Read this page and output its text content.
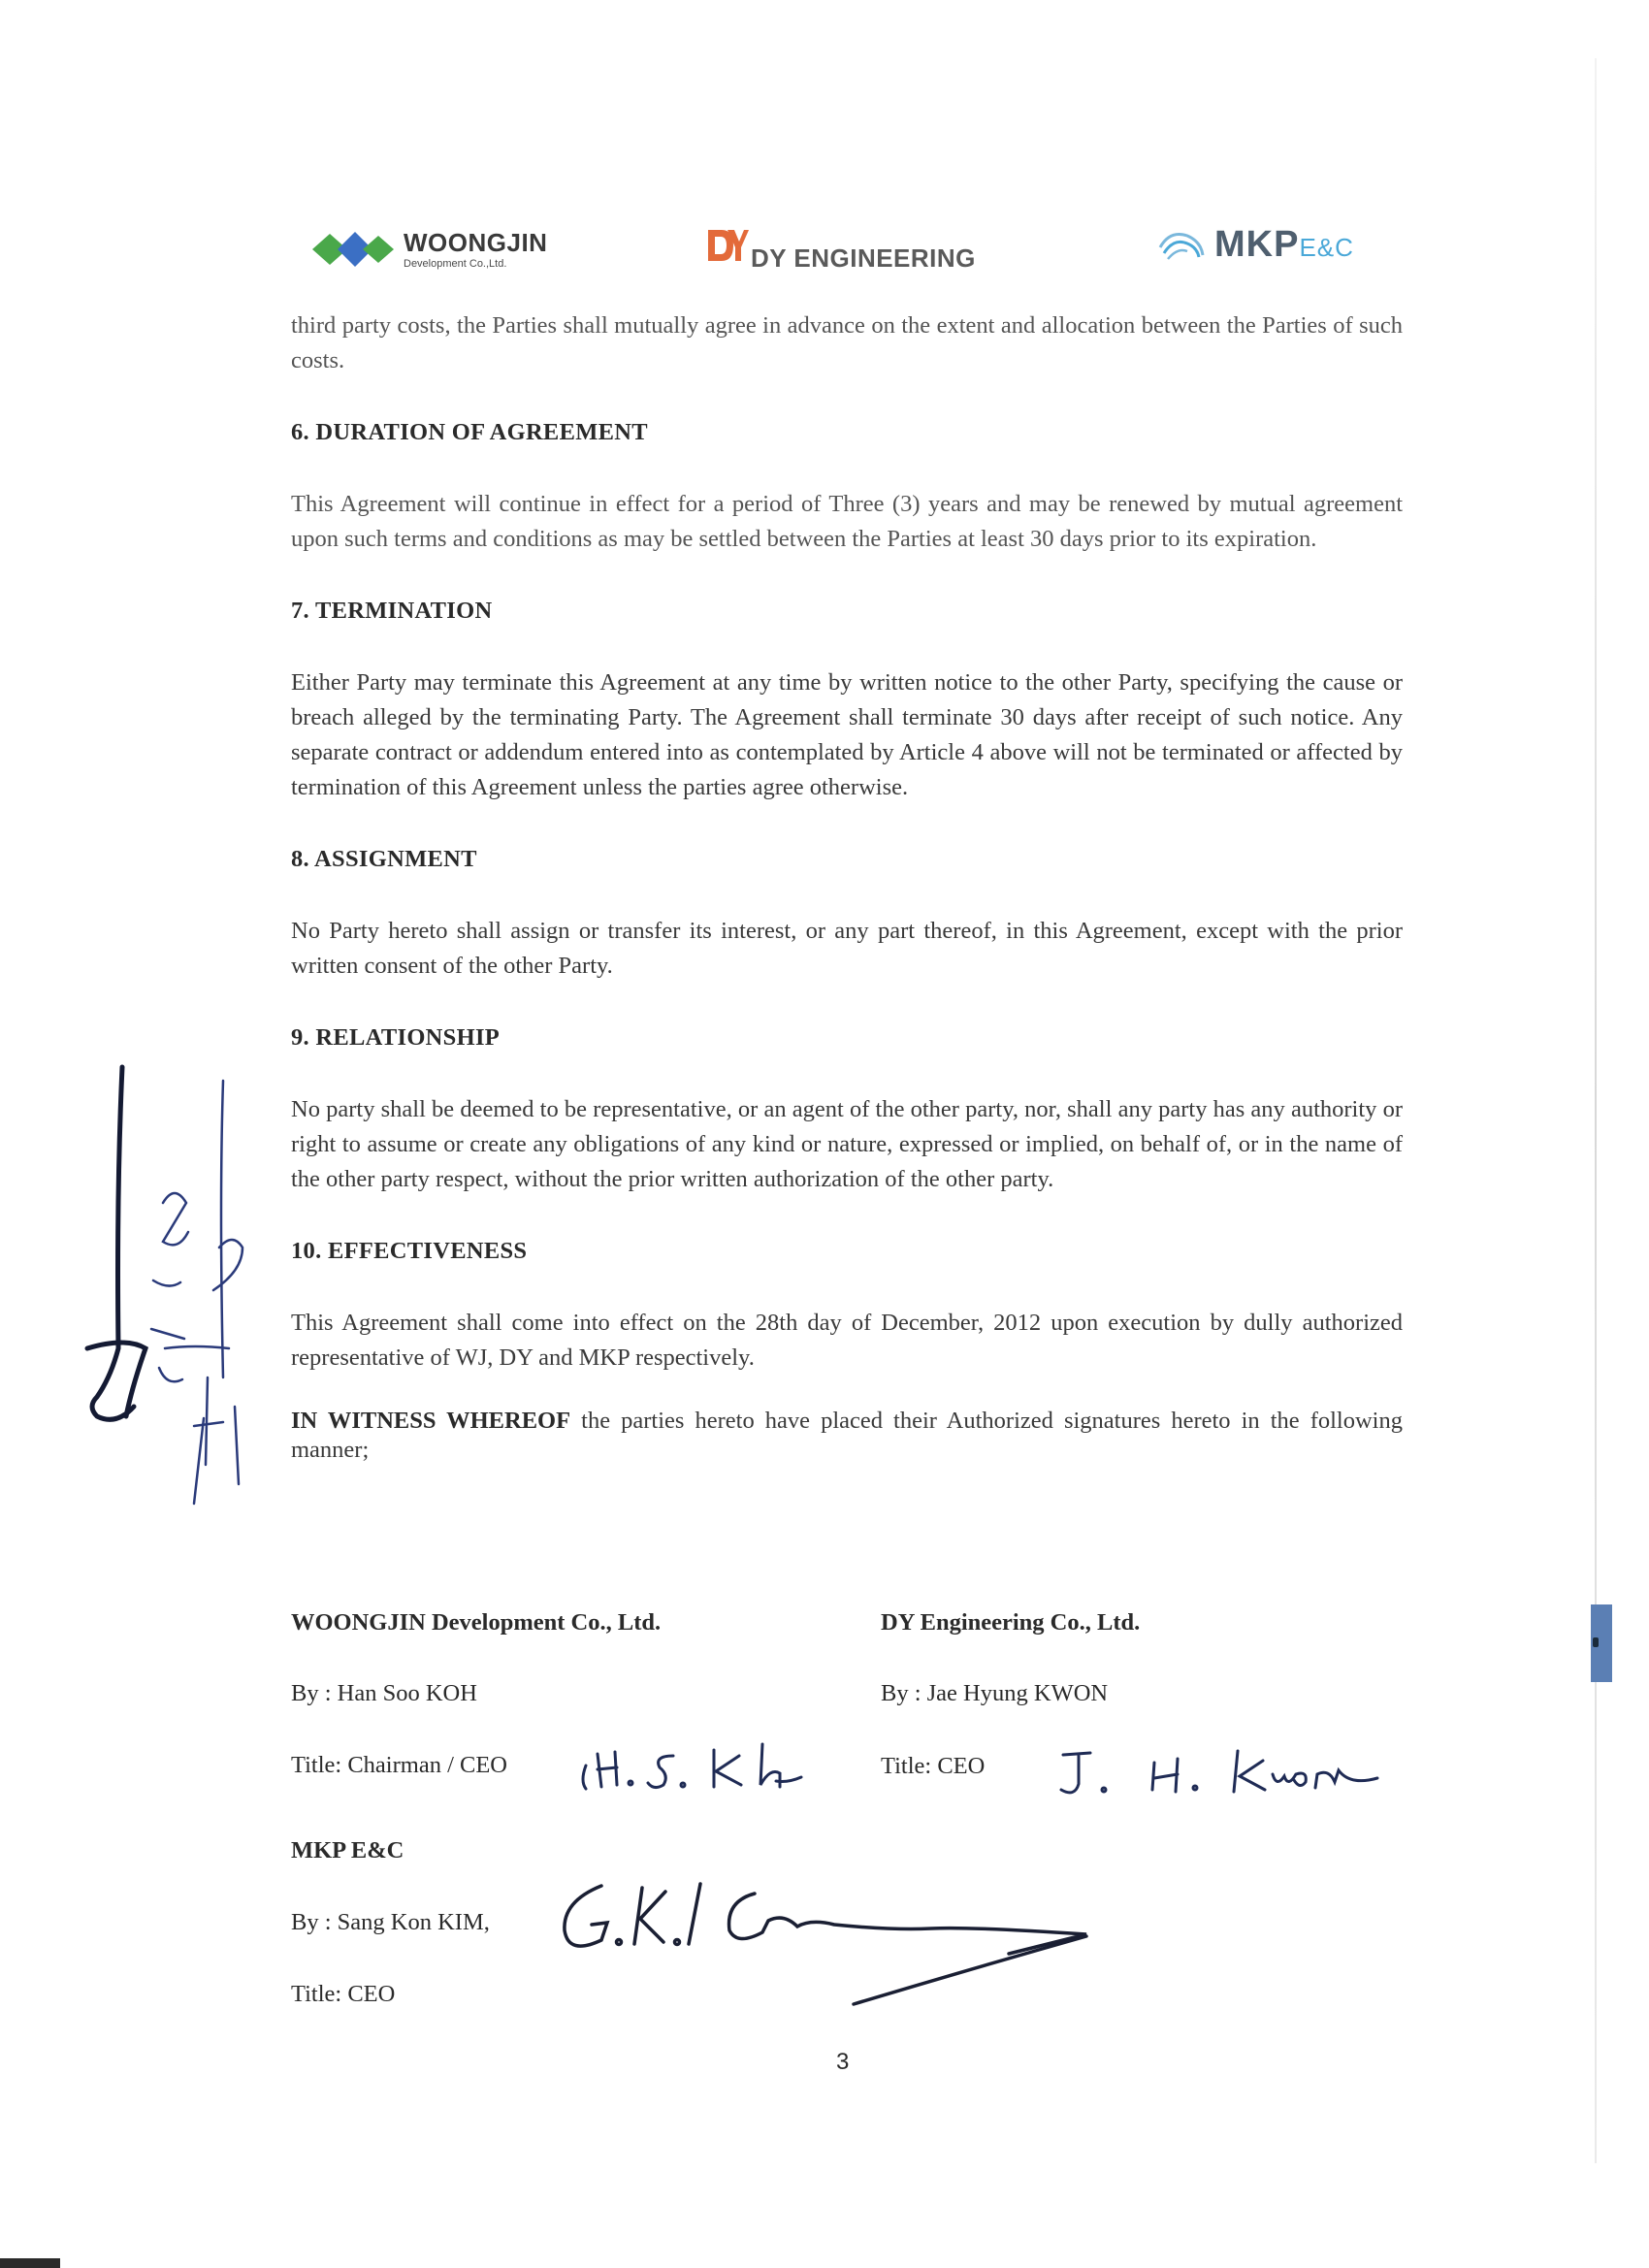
WOONGJIN
Development Co.,Ltd.	DY ENGINEERING	MKPE&C

third party costs, the Parties shall mutually agree in advance on the extent and allocation between the Parties of such costs.

6. DURATION OF AGREEMENT

This Agreement will continue in effect for a period of Three (3) years and may be renewed by mutual agreement upon such terms and conditions as may be settled between the Parties at least 30 days prior to its expiration.

7. TERMINATION

Either Party may terminate this Agreement at any time by written notice to the other Party, specifying the cause or breach alleged by the terminating Party. The Agreement shall terminate 30 days after receipt of such notice. Any separate contract or addendum entered into as contemplated by Article 4 above will not be terminated or affected by termination of this Agreement unless the parties agree otherwise.

8. ASSIGNMENT

No Party hereto shall assign or transfer its interest, or any part thereof, in this Agreement, except with the prior written consent of the other Party.

9. RELATIONSHIP

No party shall be deemed to be representative, or an agent of the other party, nor, shall any party has any authority or right to assume or create any obligations of any kind or nature, expressed or implied, on behalf of, or in the name of the other party respect, without the prior written authorization of the other party.

10. EFFECTIVENESS

This Agreement shall come into effect on the 28th day of December, 2012 upon execution by dully authorized representative of WJ, DY and MKP respectively.

IN WITNESS WHEREOF the parties hereto have placed their Authorized signatures hereto in the following manner;

WOONGJIN Development Co., Ltd.	DY Engineering Co., Ltd.
By : Han Soo KOH	By : Jae Hyung KWON
Title: Chairman / CEO	Title: CEO
MKP E&C
By : Sang Kon KIM,
Title: CEO
3
